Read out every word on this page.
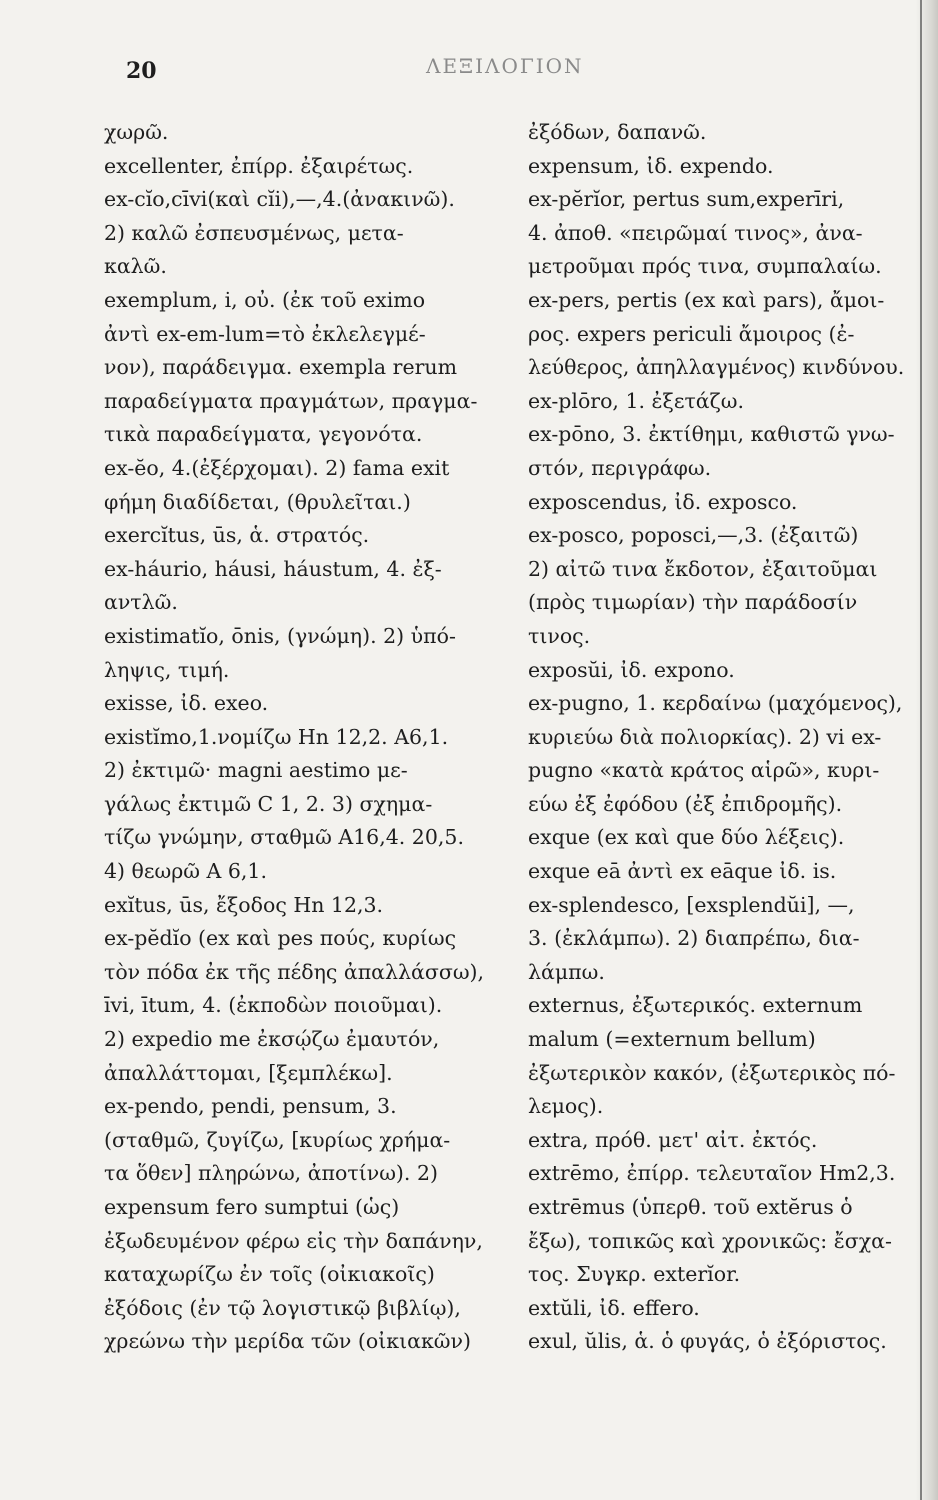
20	ΛΕΞΙΛΟΓΙΟΝ
χωρῶ.
excellenter, ἐπίρρ. ἐξαιρέτως.
ex-cĭo,cīvi(καὶ cĭi),—,4.(ἀνακινῶ).
2) καλῶ ἐσπευσμένως, μετα-
καλῶ.
exemplum, i, οὐ. (ἐκ τοῦ eximo
ἀντὶ ex-em-lum=τὸ ἐκλελεγμέ-
νον), παράδειγμα. exempla rerum
παραδείγματα πραγμάτων, πραγμα-
τικὰ παραδείγματα, γεγονότα.
ex-ĕo, 4.(ἐξέρχομαι). 2) fama exit
φήμη διαδίδεται, (θρυλεῖται.)
exercĭtus, ūs, ἁ. στρατός.
ex-háurio, háusi, háustum, 4. ἐξ-
αντλῶ.
existimatĭo, ōnis, (γνώμη). 2) ὑπό-
ληψις, τιμή.
exisse, ἰδ. exeo.
existĭmo,1.νομίζω Hn 12,2. A6,1.
2) ἐκτιμῶ· magni aestimo με-
γάλως ἐκτιμῶ C 1, 2. 3) σχημα-
τίζω γνώμην, σταθμῶ A16,4. 20,5.
4) θεωρῶ A 6,1.
exĭtus, ūs, ἔξοδος Hn 12,3.
ex-pĕdĭo (ex καὶ pes πούς, κυρίως
τὸν πόδα ἐκ τῆς πέδης ἀπαλλάσσω),
īvi, ītum, 4. (ἐκποδὼν ποιοῦμαι).
2) expedio me ἐκσῴζω ἐμαυτόν,
ἀπαλλάττομαι, [ξεμπλέκω].
ex-pendo, pendi, pensum, 3.
(σταθμῶ, ζυγίζω, [κυρίως χρήμα-
τα ὅθεν] πληρώνω, ἀποτίνω). 2)
expensum fero sumptui (ὡς)
ἐξωδευμένον φέρω εἰς τὴν δαπάνην,
καταχωρίζω ἐν τοῖς (οἰκιακοῖς)
ἐξόδοις (ἐν τῷ λογιστικῷ βιβλίῳ),
χρεώνω τὴν μερίδα τῶν (οἰκιακῶν)
ἐξόδων, δαπανῶ.
expensum, ἰδ. expendo.
ex-pĕrĭor, pertus sum,experīri,
4. ἀποθ. «πειρῶμαί τινος», ἀνα-
μετροῦμαι πρός τινα, συμπαλαίω.
ex-pers, pertis (ex καὶ pars), ἄμοι-
ρος. expers periculi ἄμοιρος (ἐ-
λεύθερος, ἀπηλλαγμένος) κινδύνου.
ex-plōro, 1. ἐξετάζω.
ex-pōno, 3. ἐκτίθημι, καθιστῶ γνω-
στόν, περιγράφω.
exposcendus, ἰδ. exposco.
ex-posco, poposci,—,3. (ἐξαιτῶ)
2) αἰτῶ τινα ἔκδοτον, ἐξαιτοῦμαι
(πρὸς τιμωρίαν) τὴν παράδοσίν
τινος.
exposŭi, ἰδ. expono.
ex-pugno, 1. κερδαίνω (μαχόμενος),
κυριεύω διὰ πολιορκίας). 2) vi ex-
pugno «κατὰ κράτος αἱρῶ», κυρι-
εύω ἐξ ἐφόδου (ἐξ ἐπιδρομῆς).
exque (ex καὶ que δύο λέξεις).
exque eā ἀντὶ ex eāque ἰδ. is.
ex-splendesco, [exsplendŭi], —,
3. (ἐκλάμπω). 2) διαπρέπω, δια-
λάμπω.
externus, ἐξωτερικός. externum
malum (=externum bellum)
ἐξωτερικὸν κακόν, (ἐξωτερικὸς πό-
λεμος).
extra, πρόθ. μετ' αἰτ. ἐκτός.
extrēmo, ἐπίρρ. τελευταῖον Hm2,3.
extrēmus (ὑπερθ. τοῦ extĕrus ὁ
ἔξω), τοπικῶς καὶ χρονικῶς: ἔσχα-
τος. Συγκρ. exterĭor.
extŭli, ἰδ. effero.
exul, ŭlis, ἁ. ὁ φυγάς, ὁ ἐξόριστος.
